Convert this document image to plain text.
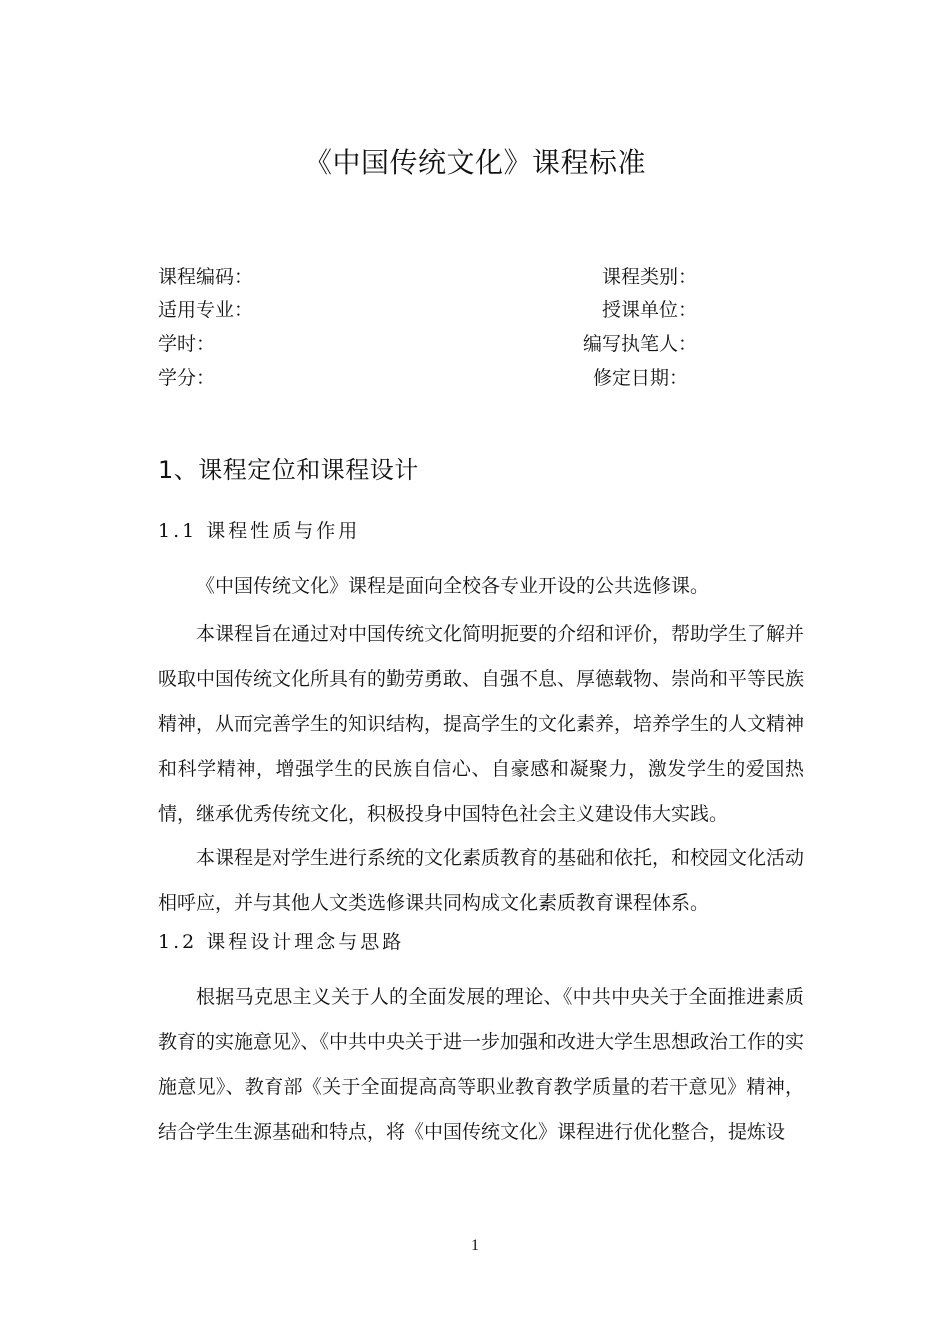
《中国传统文化》课程标准
课程编码：	课程类别：
适用专业：	授课单位：
学时：	编写执笔人：
学分：	修定日期：
1、课程定位和课程设计
1.1 课程性质与作用
《中国传统文化》课程是面向全校各专业开设的公共选修课。
本课程旨在通过对中国传统文化简明扼要的介绍和评价，帮助学生了解并吸取中国传统文化所具有的勤劳勇敢、自强不息、厚德载物、崇尚和平等民族精神，从而完善学生的知识结构，提高学生的文化素养，培养学生的人文精神和科学精神，增强学生的民族自信心、自豪感和凝聚力，激发学生的爱国热情，继承优秀传统文化，积极投身中国特色社会主义建设伟大实践。
本课程是对学生进行系统的文化素质教育的基础和依托，和校园文化活动相呼应，并与其他人文类选修课共同构成文化素质教育课程体系。
1.2 课程设计理念与思路
根据马克思主义关于人的全面发展的理论、《中共中央关于全面推进素质教育的实施意见》、《中共中央关于进一步加强和改进大学生思想政治工作的实施意见》、教育部《关于全面提高高等职业教育教学质量的若干意见》精神，结合学生生源基础和特点，将《中国传统文化》课程进行优化整合，提炼设
1
